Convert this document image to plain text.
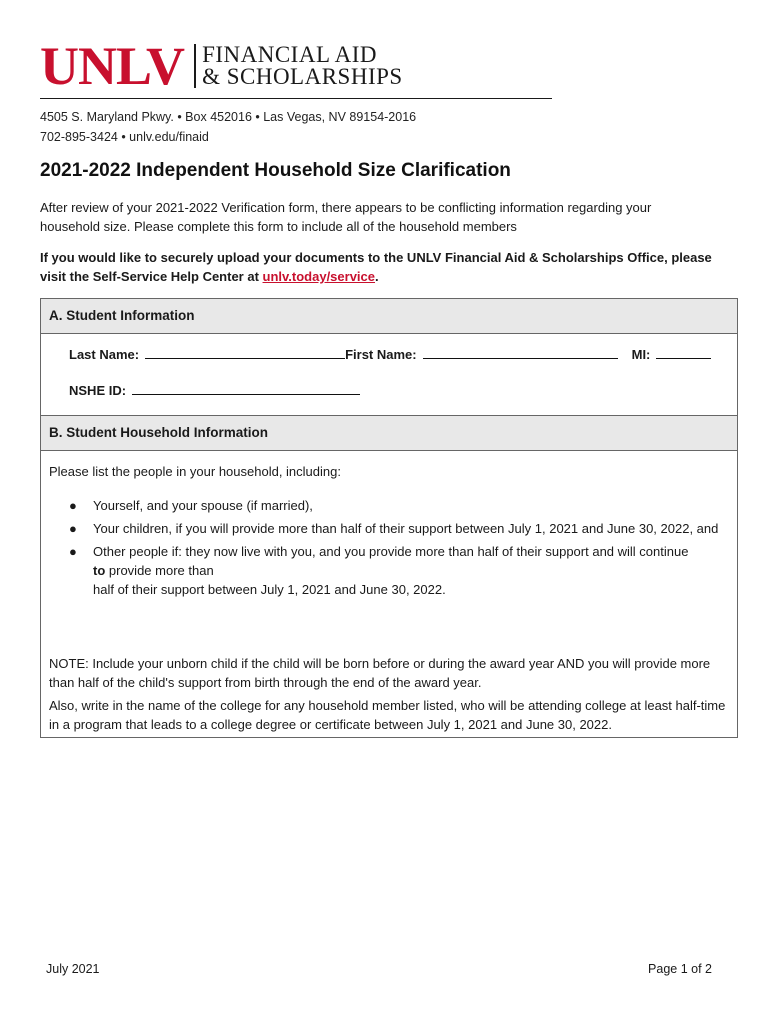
UNLV FINANCIAL AID
& SCHOLARSHIPS
4505 S. Maryland Pkwy. • Box 452016 • Las Vegas, NV 89154-2016
702-895-3424 • unlv.edu/finaid
2021-2022 Independent Household Size Clarification

After review of your 2021-2022 Verification form, there appears to be conflicting information regarding your household size. Please complete this form to include all of the household members

If you would like to securely upload your documents to the UNLV Financial Aid & Scholarships Office, please visit the Self-Service Help Center at unlv.today/service.

A. Student Information
Last Name:	First Name:	MI:
NSHE ID:
B. Student Household Information

Please list the people in your household, including:

● Yourself, and your spouse (if married),
● Your children, if you will provide more than half of their support between July 1, 2021 and June 30, 2022, and
● Other people if: they now live with you, and you provide more than half of their support and will continue
to provide more than
half of their support between July 1, 2021 and June 30, 2022.

NOTE: Include your unborn child if the child will be born before or during the award year AND you will provide more than half of the child's support from birth through the end of the award year.

Also, write in the name of the college for any household member listed, who will be attending college at least half-time in a program that leads to a college degree or certificate between July 1, 2021 and June 30, 2022.

July 2021	Page 1 of 2
